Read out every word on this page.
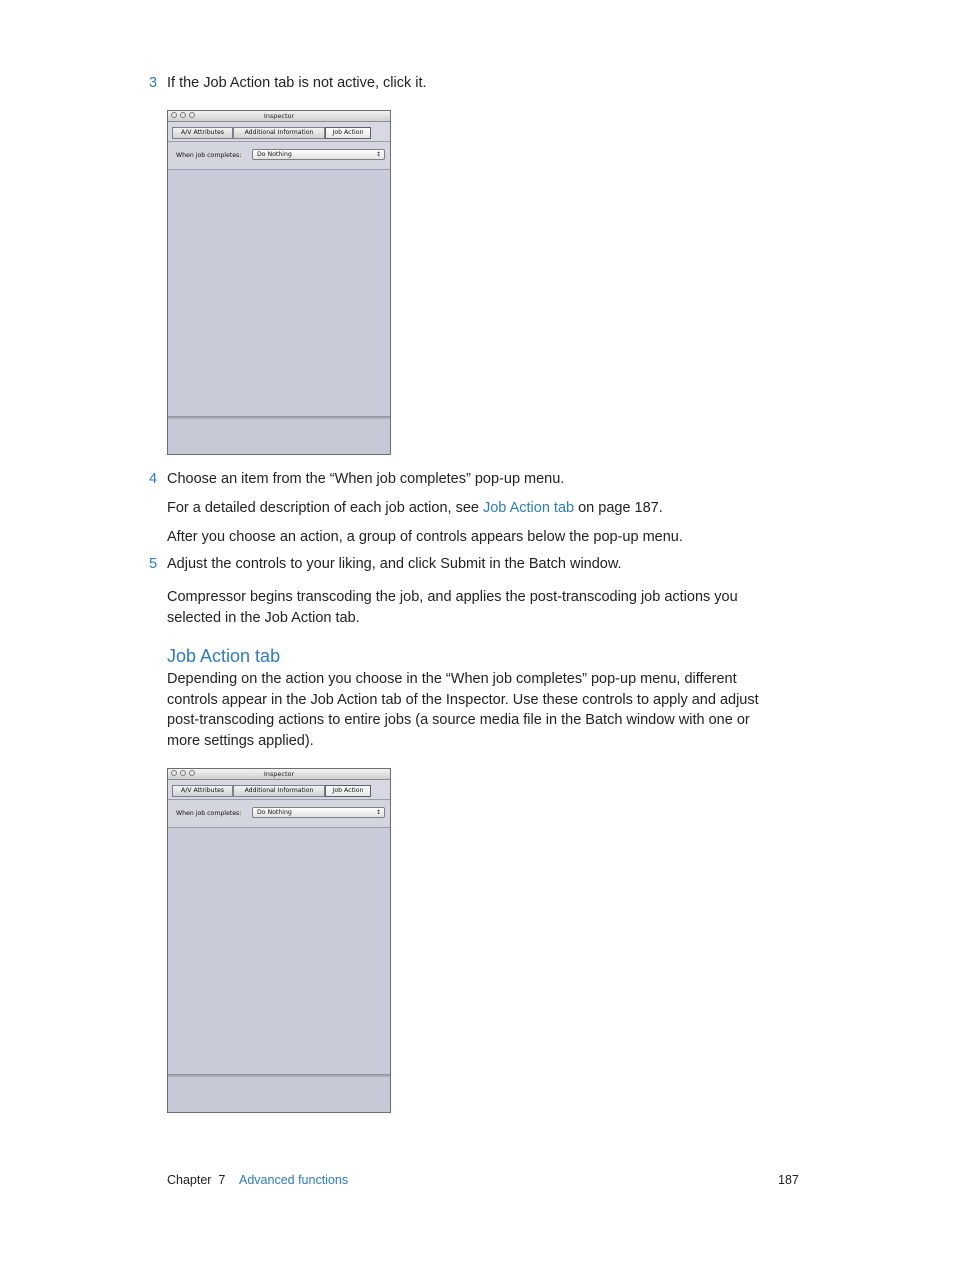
3 If the Job Action tab is not active, click it.
Inspector
A/V Attributes	Additional Information	Job Action
When job completes:	Do Nothing	↕
4 Choose an item from the “When job completes” pop-up menu.
For a detailed description of each job action, see Job Action tab on page 187.
After you choose an action, a group of controls appears below the pop-up menu.
5 Adjust the controls to your liking, and click Submit in the Batch window.
Compressor begins transcoding the job, and applies the post-transcoding job actions you
selected in the Job Action tab.
Job Action tab
Depending on the action you choose in the “When job completes” pop-up menu, different
controls appear in the Job Action tab of the Inspector. Use these controls to apply and adjust
post-transcoding actions to entire jobs (a source media file in the Batch window with one or
more settings applied).
Inspector
A/V Attributes	Additional Information	Job Action
When job completes:	Do Nothing	↕
Chapter  7 Advanced functions	187
